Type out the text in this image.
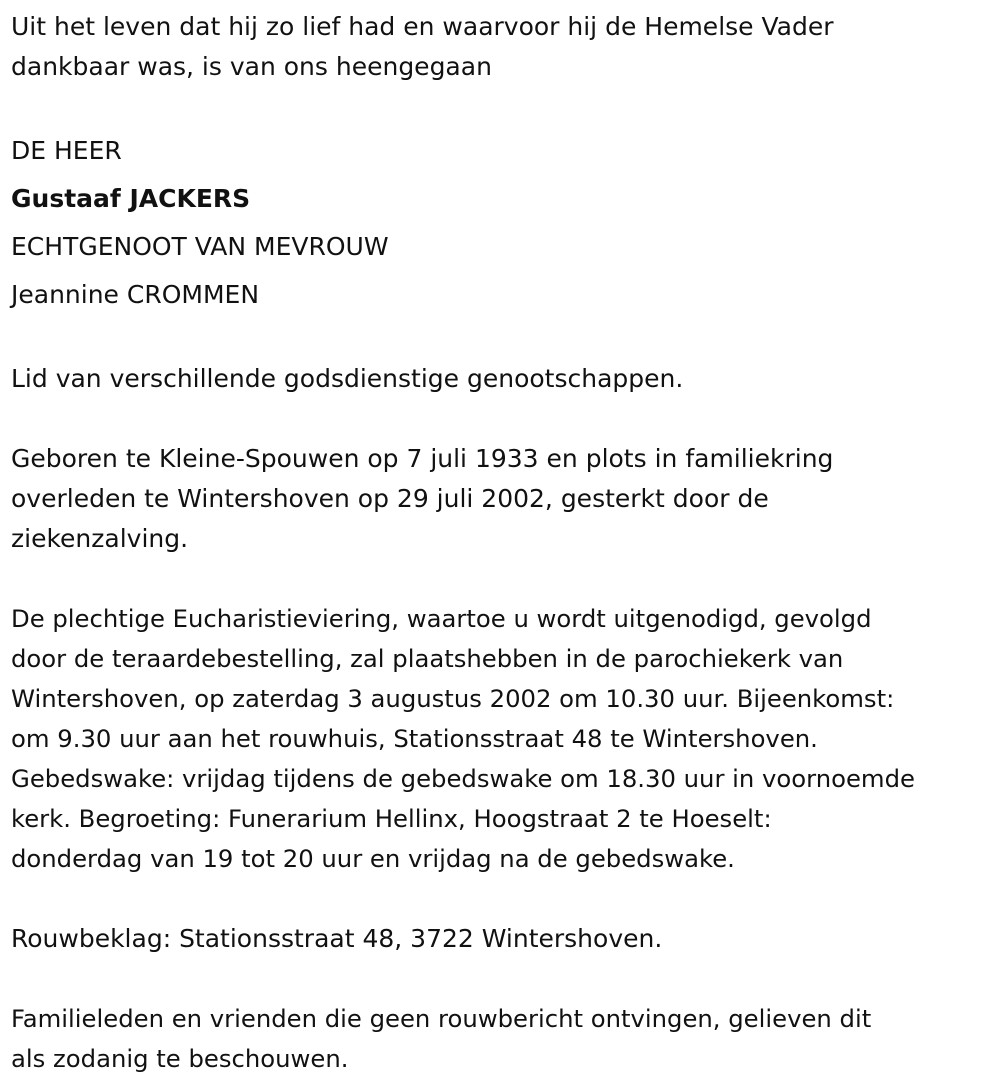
Uit het leven dat hij zo lief had en waarvoor hij de Hemelse Vader
dankbaar was, is van ons heengegaan
DE HEER
Gustaaf JACKERS
ECHTGENOOT VAN MEVROUW
Jeannine CROMMEN
Lid van verschillende godsdienstige genootschappen.
Geboren te Kleine-Spouwen op 7 juli 1933 en plots in familiekring
overleden te Wintershoven op 29 juli 2002, gesterkt door de
ziekenzalving.
De plechtige Eucharistieviering, waartoe u wordt uitgenodigd, gevolgd
door de teraardebestelling, zal plaatshebben in de parochiekerk van
Wintershoven, op zaterdag 3 augustus 2002 om 10.30 uur. Bijeenkomst:
om 9.30 uur aan het rouwhuis, Stationsstraat 48 te Wintershoven.
Gebedswake: vrijdag tijdens de gebedswake om 18.30 uur in voornoemde
kerk. Begroeting: Funerarium Hellinx, Hoogstraat 2 te Hoeselt:
donderdag van 19 tot 20 uur en vrijdag na de gebedswake.
Rouwbeklag: Stationsstraat 48, 3722 Wintershoven.
Familieleden en vrienden die geen rouwbericht ontvingen, gelieven dit
als zodanig te beschouwen.
